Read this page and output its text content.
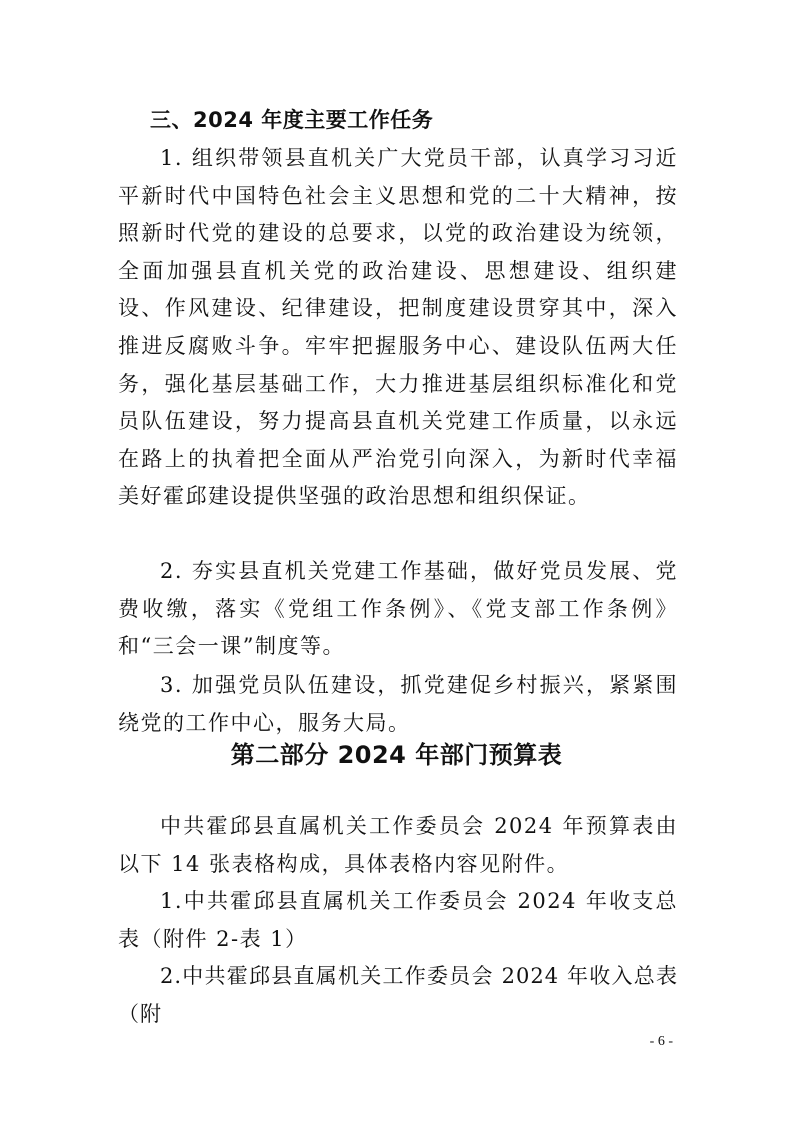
三、2024 年度主要工作任务
1. 组织带领县直机关广大党员干部，认真学习习近平新时代中国特色社会主义思想和党的二十大精神，按照新时代党的建设的总要求，以党的政治建设为统领，全面加强县直机关党的政治建设、思想建设、组织建设、作风建设、纪律建设，把制度建设贯穿其中，深入推进反腐败斗争。牢牢把握服务中心、建设队伍两大任务，强化基层基础工作，大力推进基层组织标准化和党员队伍建设，努力提高县直机关党建工作质量，以永远在路上的执着把全面从严治党引向深入，为新时代幸福美好霍邱建设提供坚强的政治思想和组织保证。
2. 夯实县直机关党建工作基础，做好党员发展、党费收缴，落实《党组工作条例》、《党支部工作条例》和“三会一课”制度等。
3. 加强党员队伍建设，抓党建促乡村振兴，紧紧围绕党的工作中心，服务大局。
第二部分 2024 年部门预算表
中共霍邱县直属机关工作委员会 2024 年预算表由以下 14 张表格构成，具体表格内容见附件。
1.中共霍邱县直属机关工作委员会 2024 年收支总表（附件 2-表 1）
2.中共霍邱县直属机关工作委员会 2024 年收入总表（附
- 6 -
